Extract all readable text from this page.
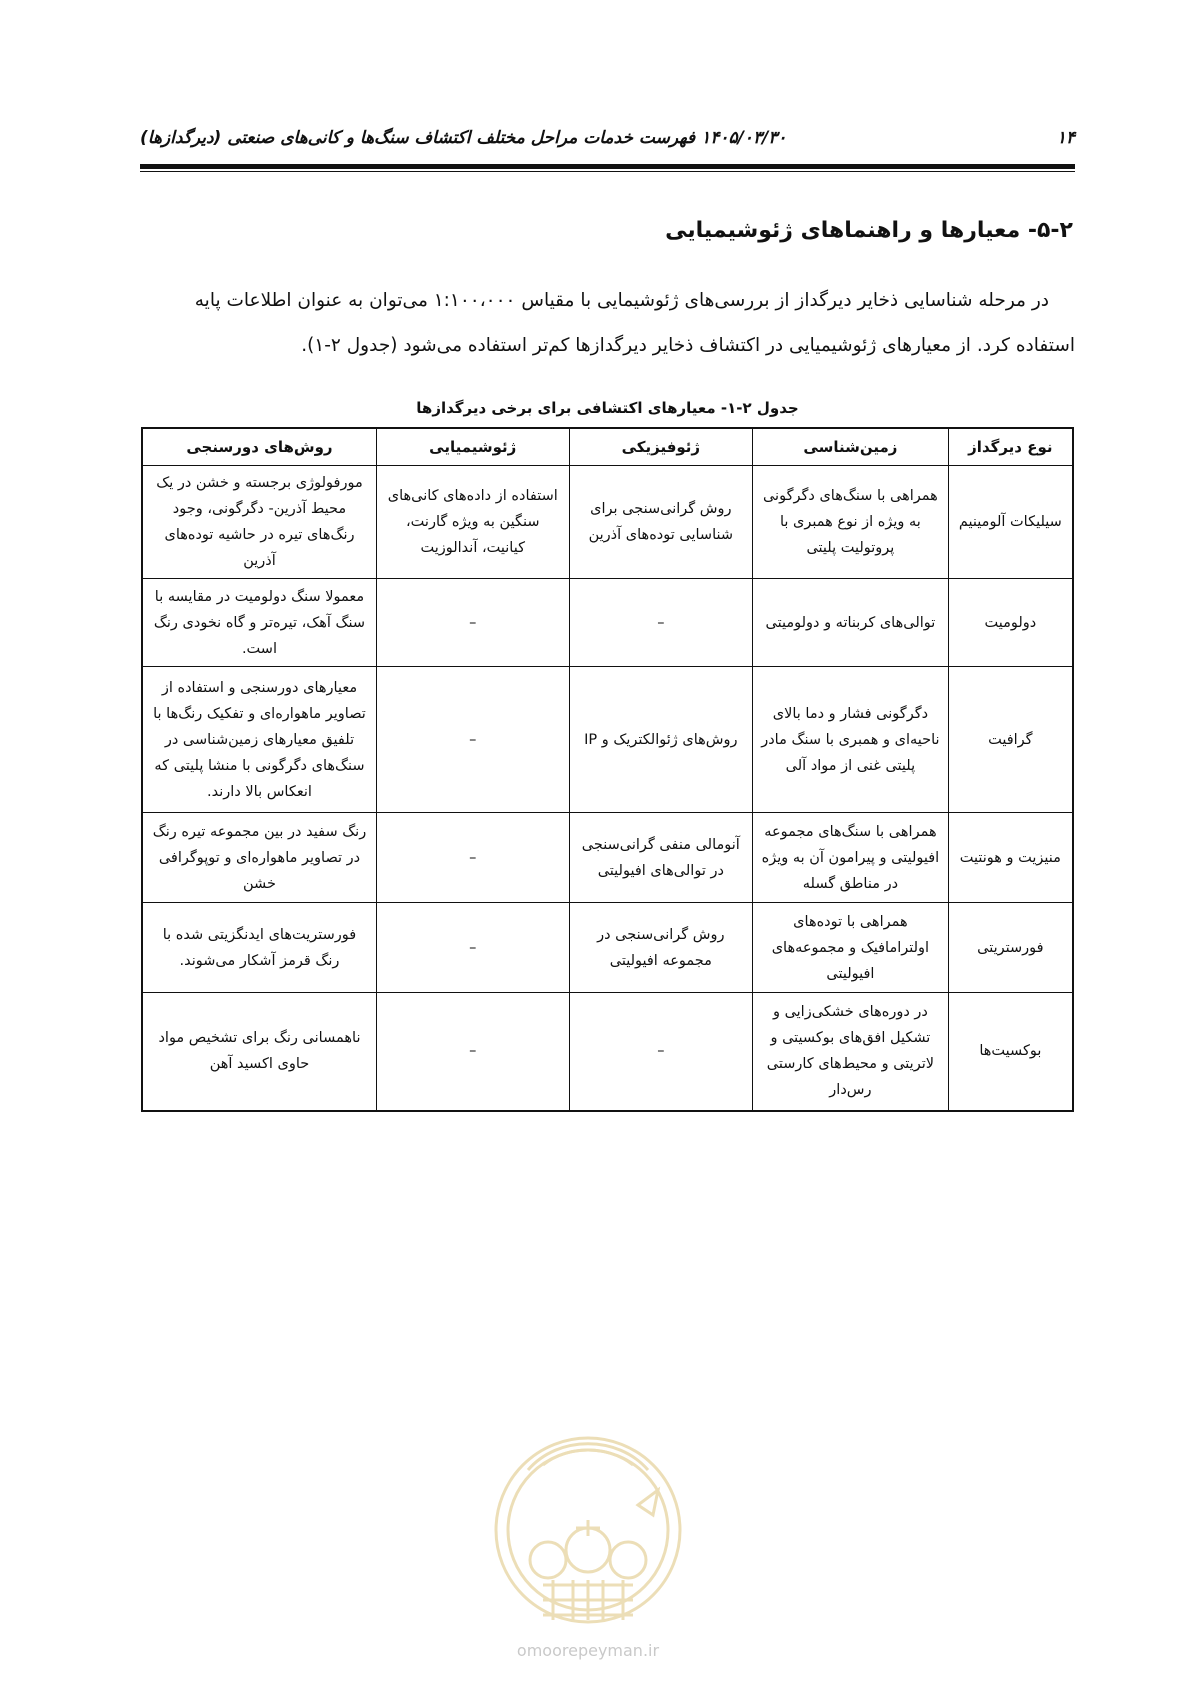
۱۴
۱۴۰۵/۰۳/۳۰ فهرست خدمات مراحل مختلف اکتشاف سنگ‌ها و کانی‌های صنعتی (دیرگدازها)
۵-۲- معیارها و راهنماهای ژئوشیمیایی
در مرحله شناسایی ذخایر دیرگداز از بررسی‌های ژئوشیمایی با مقیاس ۱:۱۰۰،۰۰۰ می‌توان به عنوان اطلاعات پایه
استفاده کرد. از معیارهای ژئوشیمیایی در اکتشاف ذخایر دیرگدازها کم‌تر استفاده می‌شود (جدول ۲-۱).
جدول ۲-۱- معیارهای اکتشافی برای برخی دیرگدازها
نوع دیرگداز	زمین‌شناسی	ژئوفیزیکی	ژئوشیمیایی	روش‌های دورسنجی
سیلیکات آلومینیم	همراهی با سنگ‌های دگرگونی به ویژه از نوع همبری با پروتولیت پلیتی	روش گرانی‌سنجی برای شناسایی توده‌های آذرین	استفاده از داده‌های کانی‌های سنگین به ویژه گارنت، کیانیت، آندالوزیت	مورفولوژی برجسته و خشن در یک محیط آذرین- دگرگونی، وجود رنگ‌های تیره در حاشیه توده‌های آذرین
دولومیت	توالی‌های کربناته و دولومیتی	–	–	معمولا سنگ دولومیت در مقایسه با سنگ آهک، تیره‌تر و گاه نخودی رنگ است.
گرافیت	دگرگونی فشار و دما بالای ناحیه‌ای و همبری با سنگ مادر پلیتی غنی از مواد آلی	روش‌های ژئوالکتریک و IP	–	معیارهای دورسنجی و استفاده از تصاویر ماهواره‌ای و تفکیک رنگ‌ها با تلفیق معیارهای زمین‌شناسی در سنگ‌های دگرگونی با منشا پلیتی که انعکاس بالا دارند.
منیزیت و هونتیت	همراهی با سنگ‌های مجموعه افیولیتی و پیرامون آن به ویژه در مناطق گسله	آنومالی منفی گرانی‌سنجی در توالی‌های افیولیتی	–	رنگ سفید در بین مجموعه تیره رنگ در تصاویر ماهواره‌ای و توپوگرافی خشن
فورستریتی	همراهی با توده‌های اولترامافیک و مجموعه‌های افیولیتی	روش گرانی‌سنجی در مجموعه افیولیتی	–	فورستریت‌های ایدنگزیتی شده با رنگ قرمز آشکار می‌شوند.
بوکسیت‌ها	در دوره‌های خشکی‌زایی و تشکیل افق‌های بوکسیتی و لاتریتی و محیط‌های کارستی رس‌دار	–	–	ناهمسانی رنگ برای تشخیص مواد حاوی اکسید آهن
omoorepeyman.ir
